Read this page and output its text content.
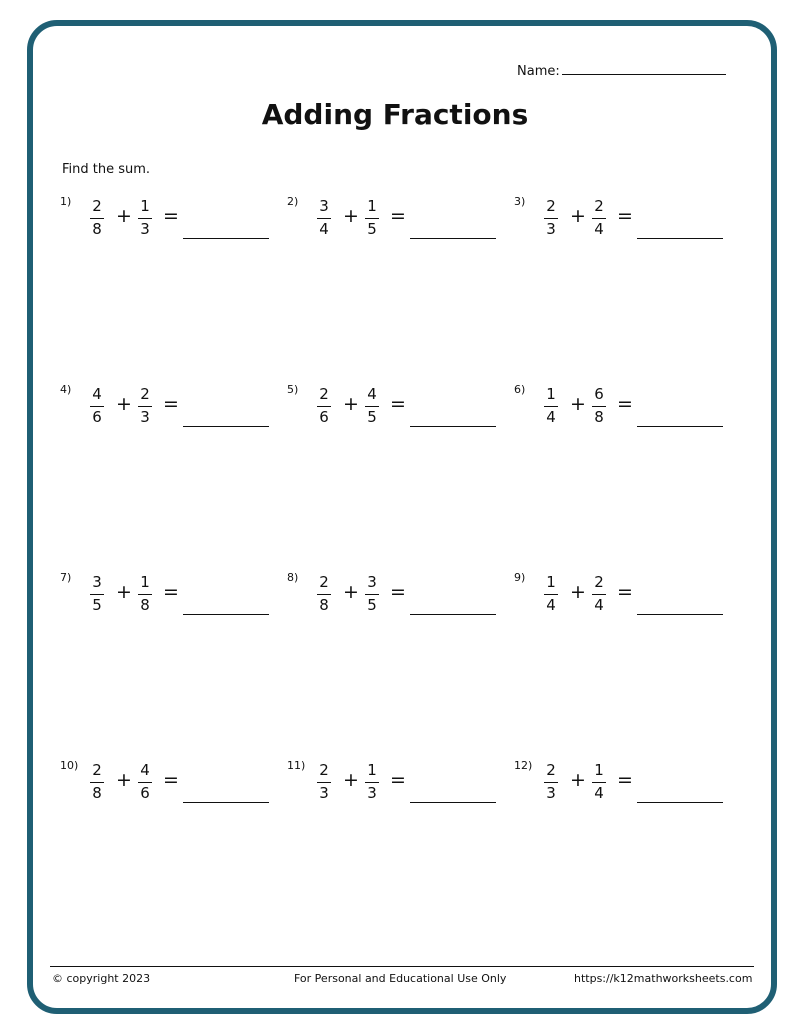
Name:
Adding Fractions
Find the sum.
1) 2
8
+ 1
3
=
2) 3
4
+ 1
5
=
3) 2
3
+ 2
4
=
4) 4
6
+ 2
3
=
5) 2
6
+ 4
5
=
6) 1
4
+ 6
8
=
7) 3
5
+ 1
8
=
8) 2
8
+ 3
5
=
9) 1
4
+ 2
4
=
10) 2
8
+ 4
6
=
11) 2
3
+ 1
3
=
12) 2
3
+ 1
4
=
© copyright 2023	For Personal and Educational Use Only	https://k12mathworksheets.com
